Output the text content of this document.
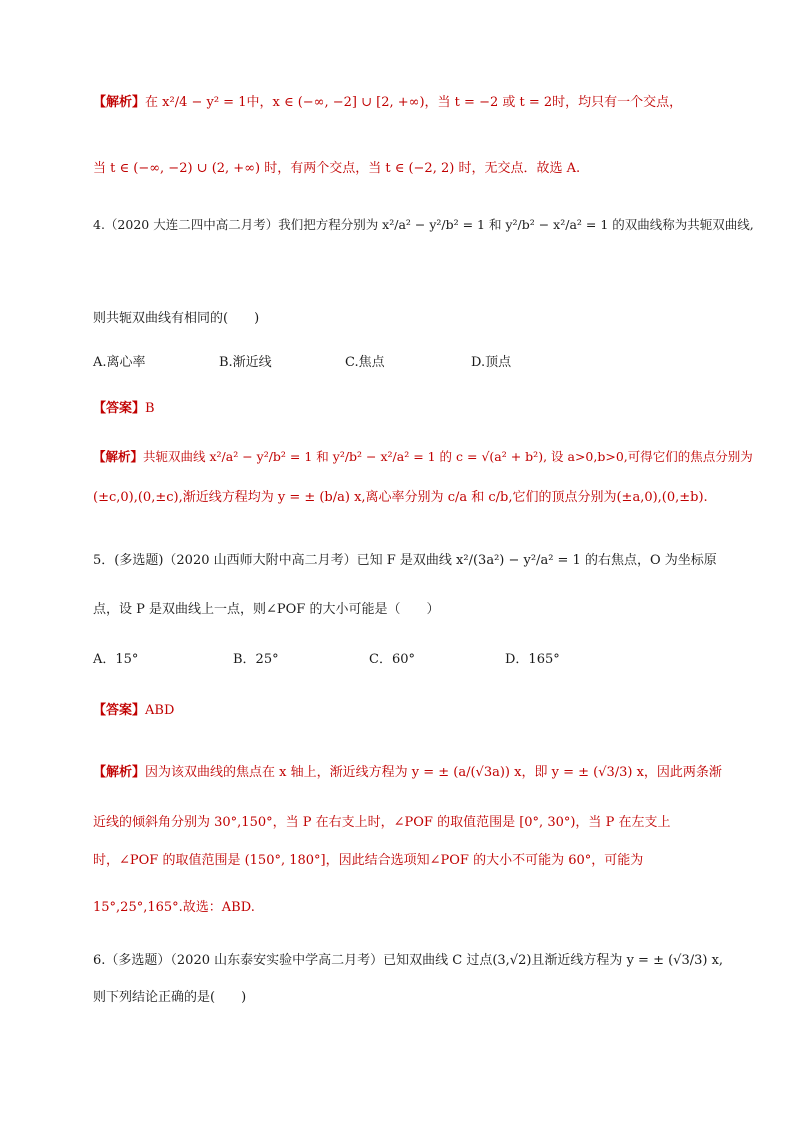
【解析】在 x²/4 − y² = 1中，x ∈ (−∞, −2] ∪ [2, +∞)，当 t = −2 或 t = 2时，均只有一个交点，
当 t ∈ (−∞, −2) ∪ (2, +∞) 时，有两个交点，当 t ∈ (−2, 2) 时，无交点．故选 A.
4.（2020 大连二四中高二月考）我们把方程分别为 x²/a² − y²/b² = 1 和 y²/b² − x²/a² = 1 的双曲线称为共轭双曲线,
则共轭双曲线有相同的(　　)
A.离心率	B.渐近线	C.焦点	D.顶点
【答案】B
【解析】共轭双曲线 x²/a² − y²/b² = 1 和 y²/b² − x²/a² = 1 的 c = √(a² + b²), 设 a>0,b>0,可得它们的焦点分别为
(±c,0),(0,±c),渐近线方程均为 y = ± (b/a) x,离心率分别为 c/a 和 c/b,它们的顶点分别为(±a,0),(0,±b).
5．(多选题)（2020 山西师大附中高二月考）已知 F 是双曲线 x²/(3a²) − y²/a² = 1 的右焦点，O 为坐标原
点，设 P 是双曲线上一点，则∠POF 的大小可能是（　　）
A．15°	B．25°	C．60°	D．165°
【答案】ABD
【解析】因为该双曲线的焦点在 x 轴上，渐近线方程为 y = ± (a/(√3a)) x，即 y = ± (√3/3) x，因此两条渐
近线的倾斜角分别为 30°,150°，当 P 在右支上时，∠POF 的取值范围是 [0°, 30°)，当 P 在左支上
时，∠POF 的取值范围是 (150°, 180°]，因此结合选项知∠POF 的大小不可能为 60°，可能为
15°,25°,165°.故选：ABD.
6.（多选题）（2020 山东泰安实验中学高二月考）已知双曲线 C 过点(3,√2)且渐近线方程为 y = ± (√3/3) x,
则下列结论正确的是(　　)
